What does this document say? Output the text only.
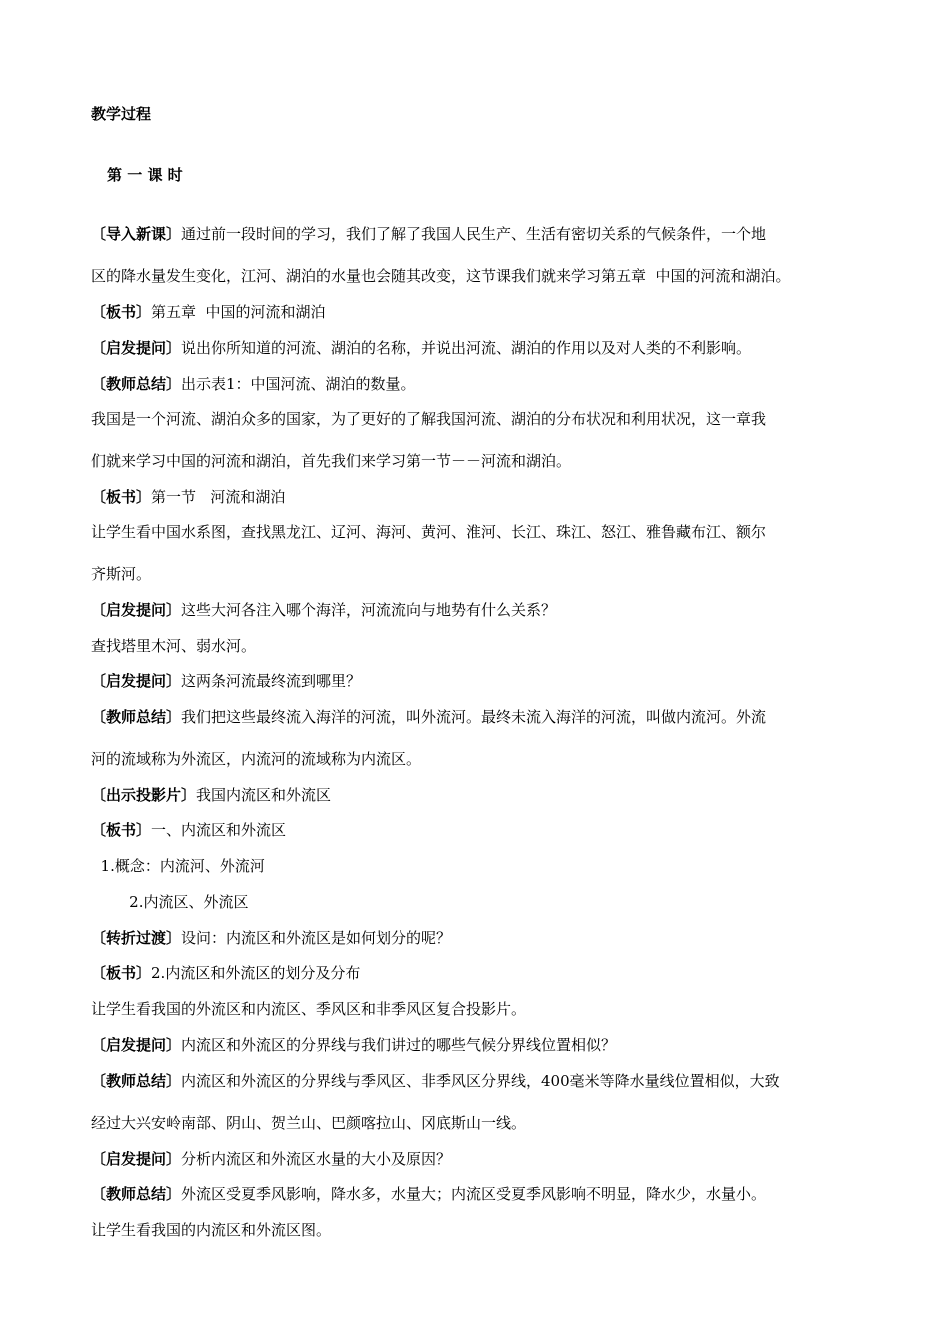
教学过程
第 一 课 时
〔导入新课〕通过前一段时间的学习，我们了解了我国人民生产、生活有密切关系的气候条件，一个地
区的降水量发生变化，江河、湖泊的水量也会随其改变，这节课我们就来学习第五章  中国的河流和湖泊。
〔板书〕第五章  中国的河流和湖泊
〔启发提问〕说出你所知道的河流、湖泊的名称，并说出河流、湖泊的作用以及对人类的不利影响。
〔教师总结〕出示表1：中国河流、湖泊的数量。
我国是一个河流、湖泊众多的国家，为了更好的了解我国河流、湖泊的分布状况和利用状况，这一章我
们就来学习中国的河流和湖泊，首先我们来学习第一节－－河流和湖泊。
〔板书〕第一节   河流和湖泊
让学生看中国水系图，查找黑龙江、辽河、海河、黄河、淮河、长江、珠江、怒江、雅鲁藏布江、额尔
齐斯河。
〔启发提问〕这些大河各注入哪个海洋，河流流向与地势有什么关系？
查找塔里木河、弱水河。
〔启发提问〕这两条河流最终流到哪里？
〔教师总结〕我们把这些最终流入海洋的河流，叫外流河。最终未流入海洋的河流，叫做内流河。外流
河的流域称为外流区，内流河的流域称为内流区。
〔出示投影片〕我国内流区和外流区
〔板书〕一、内流区和外流区
1.概念：内流河、外流河
2.内流区、外流区
〔转折过渡〕设问：内流区和外流区是如何划分的呢？
〔板书〕2.内流区和外流区的划分及分布
让学生看我国的外流区和内流区、季风区和非季风区复合投影片。
〔启发提问〕内流区和外流区的分界线与我们讲过的哪些气候分界线位置相似？
〔教师总结〕内流区和外流区的分界线与季风区、非季风区分界线，400毫米等降水量线位置相似，大致
经过大兴安岭南部、阴山、贺兰山、巴颜喀拉山、冈底斯山一线。
〔启发提问〕分析内流区和外流区水量的大小及原因？
〔教师总结〕外流区受夏季风影响，降水多，水量大；内流区受夏季风影响不明显，降水少，水量小。
让学生看我国的内流区和外流区图。
